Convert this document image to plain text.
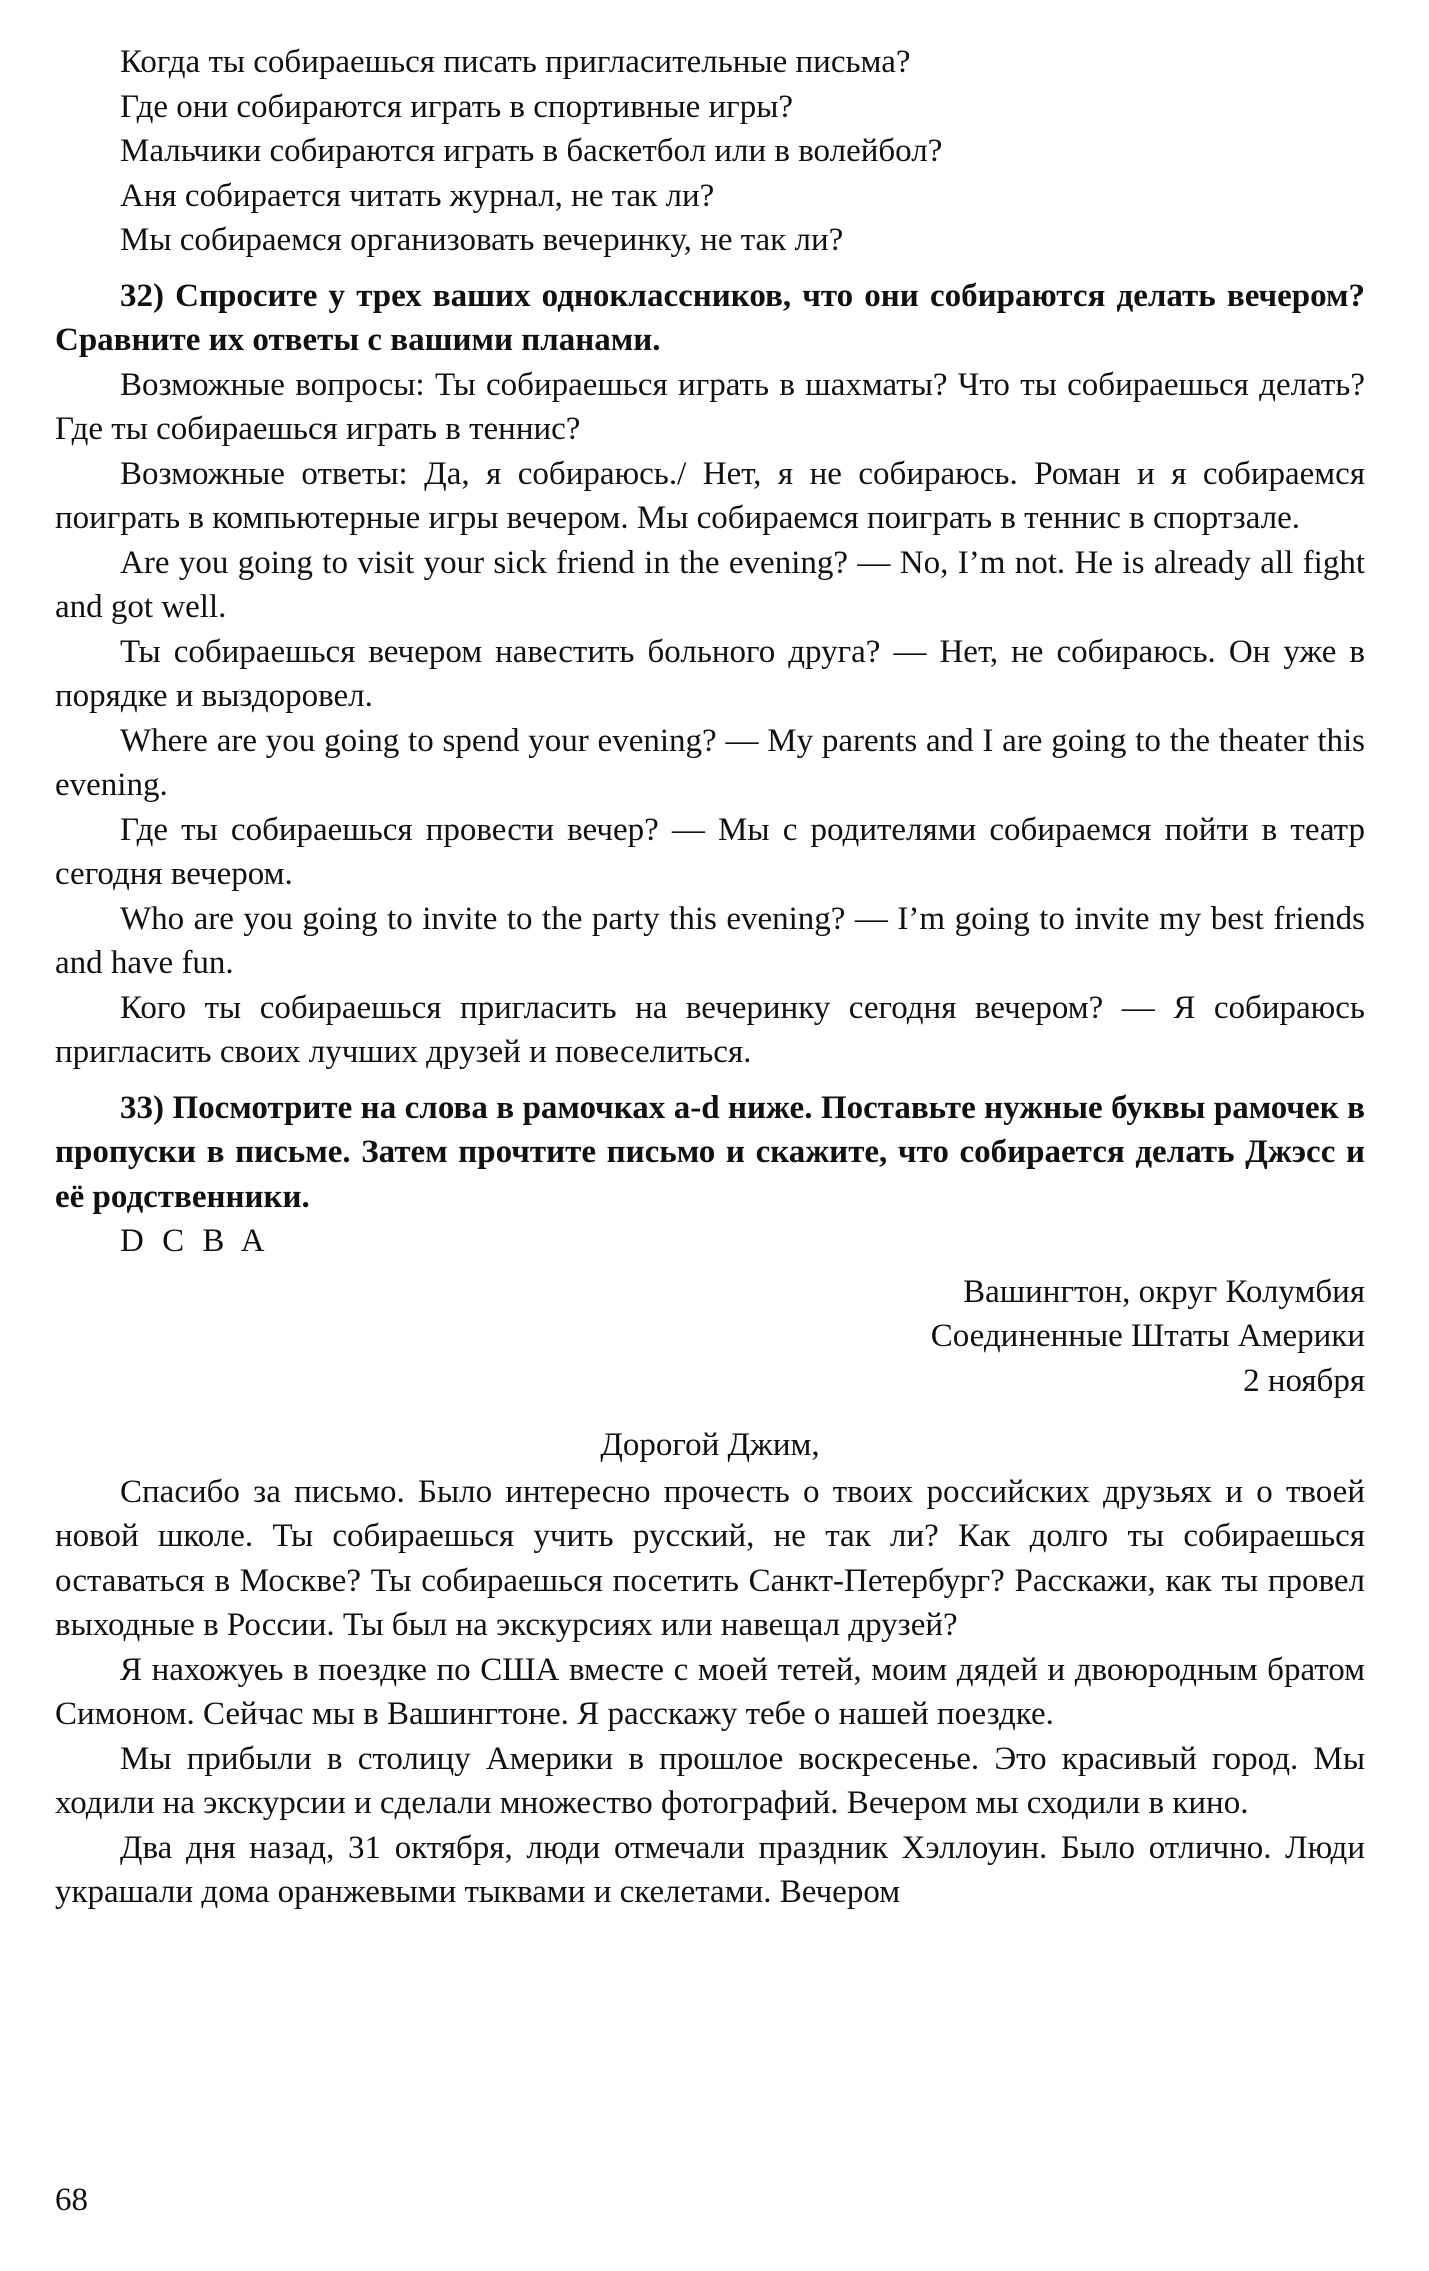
Когда ты собираешься писать пригласительные письма?

Где они собираются играть в спортивные игры?

Мальчики собираются играть в баскетбол или в волейбол?

Аня собирается читать журнал, не так ли?

Мы собираемся организовать вечеринку, не так ли?

32) Спросите у трех ваших одноклассников, что они собираются делать вечером? Сравните их ответы с вашими планами.

Возможные вопросы: Ты собираешься играть в шахматы? Что ты собираешься делать? Где ты собираешься играть в теннис?

Возможные ответы: Да, я собираюсь./ Нет, я не собираюсь. Роман и я собираемся поиграть в компьютерные игры вечером. Мы собираемся поиграть в теннис в спортзале.

Are you going to visit your sick friend in the evening? — No, I’m not. He is already all fight and got well.

Ты собираешься вечером навестить больного друга? — Нет, не собираюсь. Он уже в порядке и выздоровел.

Where are you going to spend your evening? — My parents and I are going to the theater this evening.

Где ты собираешься провести вечер? — Мы с родителями собираемся пойти в театр сегодня вечером.

Who are you going to invite to the party this evening? — I’m going to invite my best friends and have fun.

Кого ты собираешься пригласить на вечеринку сегодня вечером? — Я собираюсь пригласить своих лучших друзей и повеселиться.

33) Посмотрите на слова в рамочках a-d ниже. Поставьте нужные буквы рамочек в пропуски в письме. Затем прочтите письмо и скажите, что собирается делать Джэсс и её родственники.

D C B A

Вашингтон, округ Колумбия
Соединенные Штаты Америки
2 ноября

Дорогой Джим,

Спасибо за письмо. Было интересно прочесть о твоих российских друзьях и о твоей новой школе. Ты собираешься учить русский, не так ли? Как долго ты собираешься оставаться в Москве? Ты собираешься посетить Санкт-Петербург? Расскажи, как ты провел выходные в России. Ты был на экскурсиях или навещал друзей?

Я нахожуеь в поездке по США вместе с моей тетей, моим дядей и двоюродным братом Симоном. Сейчас мы в Вашингтоне. Я расскажу тебе о нашей поездке.

Мы прибыли в столицу Америки в прошлое воскресенье. Это красивый город. Мы ходили на экскурсии и сделали множество фотографий. Вечером мы сходили в кино.

Два дня назад, 31 октября, люди отмечали праздник Хэллоуин. Было отлично. Люди украшали дома оранжевыми тыквами и скелетами. Вечером

68
